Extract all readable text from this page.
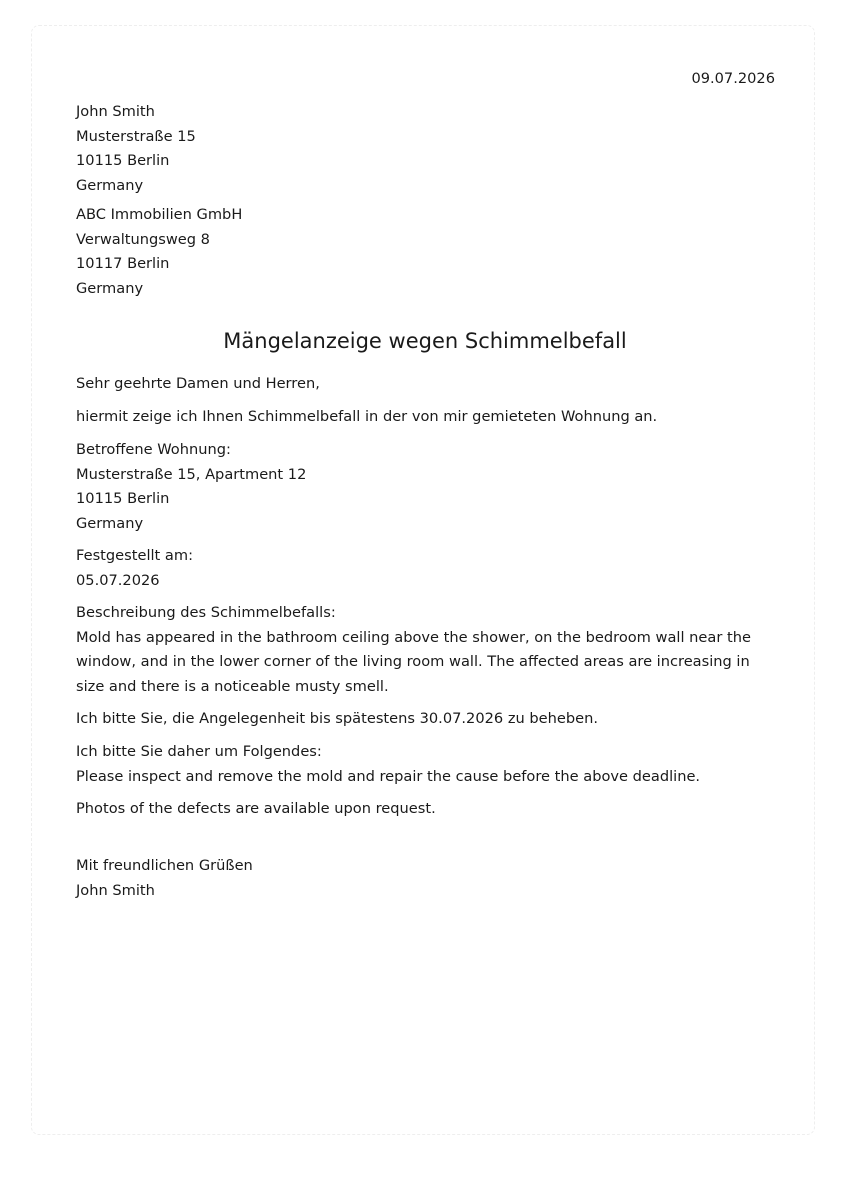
09.07.2026
John Smith
Musterstraße 15
10115 Berlin
Germany
ABC Immobilien GmbH
Verwaltungsweg 8
10117 Berlin
Germany
Mängelanzeige wegen Schimmelbefall
Sehr geehrte Damen und Herren,
hiermit zeige ich Ihnen Schimmelbefall in der von mir gemieteten Wohnung an.
Betroffene Wohnung:
Musterstraße 15, Apartment 12
10115 Berlin
Germany
Festgestellt am:
05.07.2026
Beschreibung des Schimmelbefalls:
Mold has appeared in the bathroom ceiling above the shower, on the bedroom wall near the window, and in the lower corner of the living room wall. The affected areas are increasing in size and there is a noticeable musty smell.
Ich bitte Sie, die Angelegenheit bis spätestens 30.07.2026 zu beheben.
Ich bitte Sie daher um Folgendes:
Please inspect and remove the mold and repair the cause before the above deadline.
Photos of the defects are available upon request.
Mit freundlichen Grüßen
John Smith
